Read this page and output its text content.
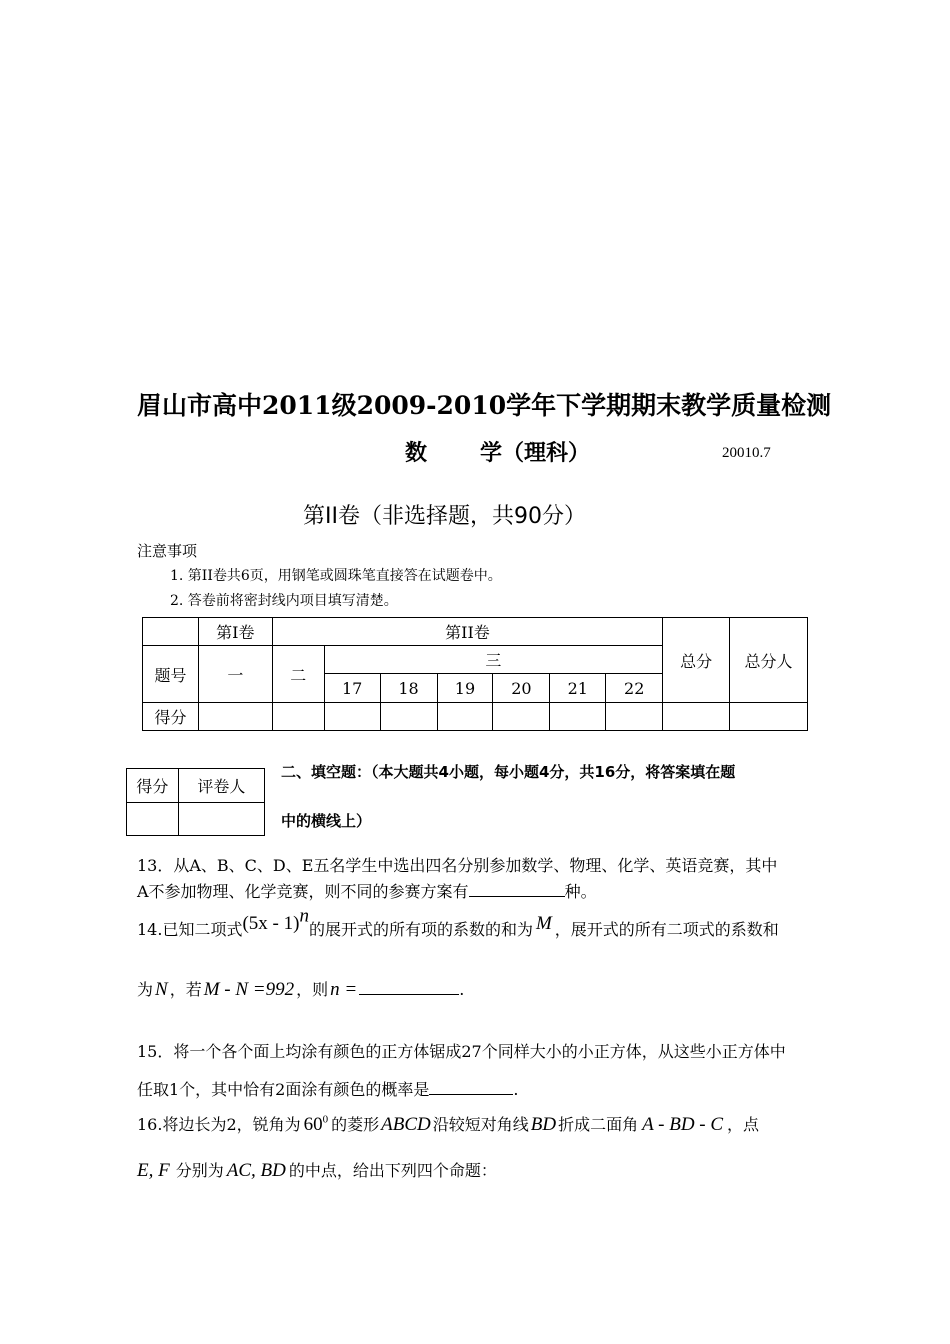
眉山市高中2011级2009-2010学年下学期期末教学质量检测
数 学（理科）	20010.7
第II卷（非选择题，共90分）
注意事项
1. 第II卷共6页，用钢笔或圆珠笔直接答在试题卷中。
2. 答卷前将密封线内项目填写清楚。
	第I卷	第II卷							总分	总分人
题号	一	二	三							
			17	18	19	20	21	22		
得分										
得分	评卷人

二、填空题：（本大题共4小题，每小题4分，共16分，将答案填在题
中的横线上）
13．从A、B、C、D、E五名学生中选出四名分别参加数学、物理、化学、英语竞赛，其中
A不参加物理、化学竞赛，则不同的参赛方案有	种。
14.已知二项式(5x - 1)$^n$的展开式的所有项的系数的和为 M ，展开式的所有二项式的系数和
为 N ，若 M - N =992 ，则 n =	.
15．将一个各个面上均涂有颜色的正方体锯成27个同样大小的小正方体，从这些小正方体中
任取1个，其中恰有2面涂有颜色的概率是	.
16.将边长为2，锐角为 $60^0$ 的菱形 ABCD 沿较短对角线 BD 折成二面角 A - BD - C ，点
E, F 分别为 AC, BD 的中点，给出下列四个命题：
